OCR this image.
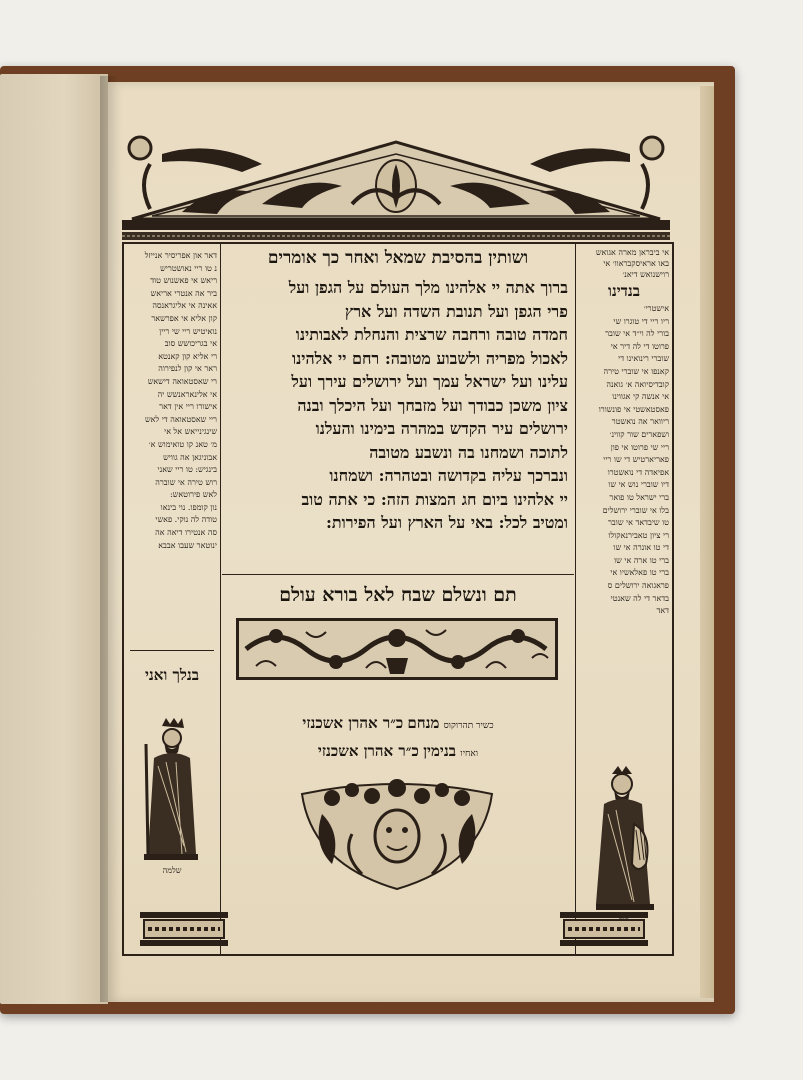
דאר און אפריסיר אנייזל
נ טו ריי נאושטריש
ריאש אי פאשנוש טוד
ביר אה אנטרי אריאש
אאינה אי אליגראנסה
קון אליא אי אפרשאר
נואיטיש ריי שי ריין
אי בגריכושש סוב
רי אליא קון קאנטא
ראר אי קון לנפירוה
רי שאסטאואה דישאש
אי אלינאראנשש יה
אישורו ריי אין דאר
ריי שאסטאואה די לאש
שינגינייאש אל אי
מ׳ טאנ קו טואימוש א׳
אבוניגאן אה גוויש
בינגיש: טו ריי שאני
רוש טירה אי שוברה
לאש פירוטאש:
נון קומפו. נוי בינאו
טודה לה נוקי. פאשי
סה אנטירו דיאה אה
ינוטאר שעבו אבבא
בנלך ואני
שלמה
אי ביבראן מארה אגואש
באו אראיסקבראוו׳ אי
רוישנואש דיאנ׳
בנדינו
אישטרי׳
ריו ריי די טוגרו שי
בורי לה וי״ד אי שובר
פרוטו די לה דיר אי
שוברי רינואינו די
קאנפו אי שוברי טירה
קובדיסיואה א׳ גואנה
אי אנשה קי אגווינו
פאסטאשטי אי פונשורו
ריוואר אה נואשטר
ושפארים שור קווינ׳
ריי שי פרוטו אי פון
פאריארטיש די שו ריי
אפיאדה די נואשטרו
דיו שוברי נוש אי שו
ברי ישראל טו פואר
בלו אי שוברי ירושלים
טו שיבדאד אי שובר
רי ציון טאבירנאקולו
די טו אונרה אי שו
ברי טו ארה אי שו
ברי טו פאלאשיו אי
פראגואה ירושלים ס
בדאר די לה שאנטי
דאד
ושותין בהסיבת שמאל ואחר כך אומרים
ברוך אתה יי אלהינו מלך העולם על הגפן ועל
פרי הגפן ועל תנובת השדה ועל ארץ
חמדה טובה ורחבה שרצית והנחלת לאבותינו
לאכול מפריה ולשבוע מטובה: רחם יי אלהינו
עלינו ועל ישראל עמך ועל ירושלים עירך ועל
ציון משכן כבודך ועל מזבחך ועל היכלך ובנה
ירושלים עיר הקדש במהרה בימינו והעלנו
לתוכה ושמחנו בה ונשבע מטובה
ונברכך עליה בקדושה ובטהרה: ושמחנו
יי אלהינו ביום חג המצות הזה: כי אתה טוב
ומטיב לכל: באי על הארץ ועל הפירות:
תם ונשלם שבח לאל בורא עולם
כשיר תהרוקוס מנחם כ״ר אהרן אשכנזי
ואחיו בנימין כ״ר אהרן אשכנזי
